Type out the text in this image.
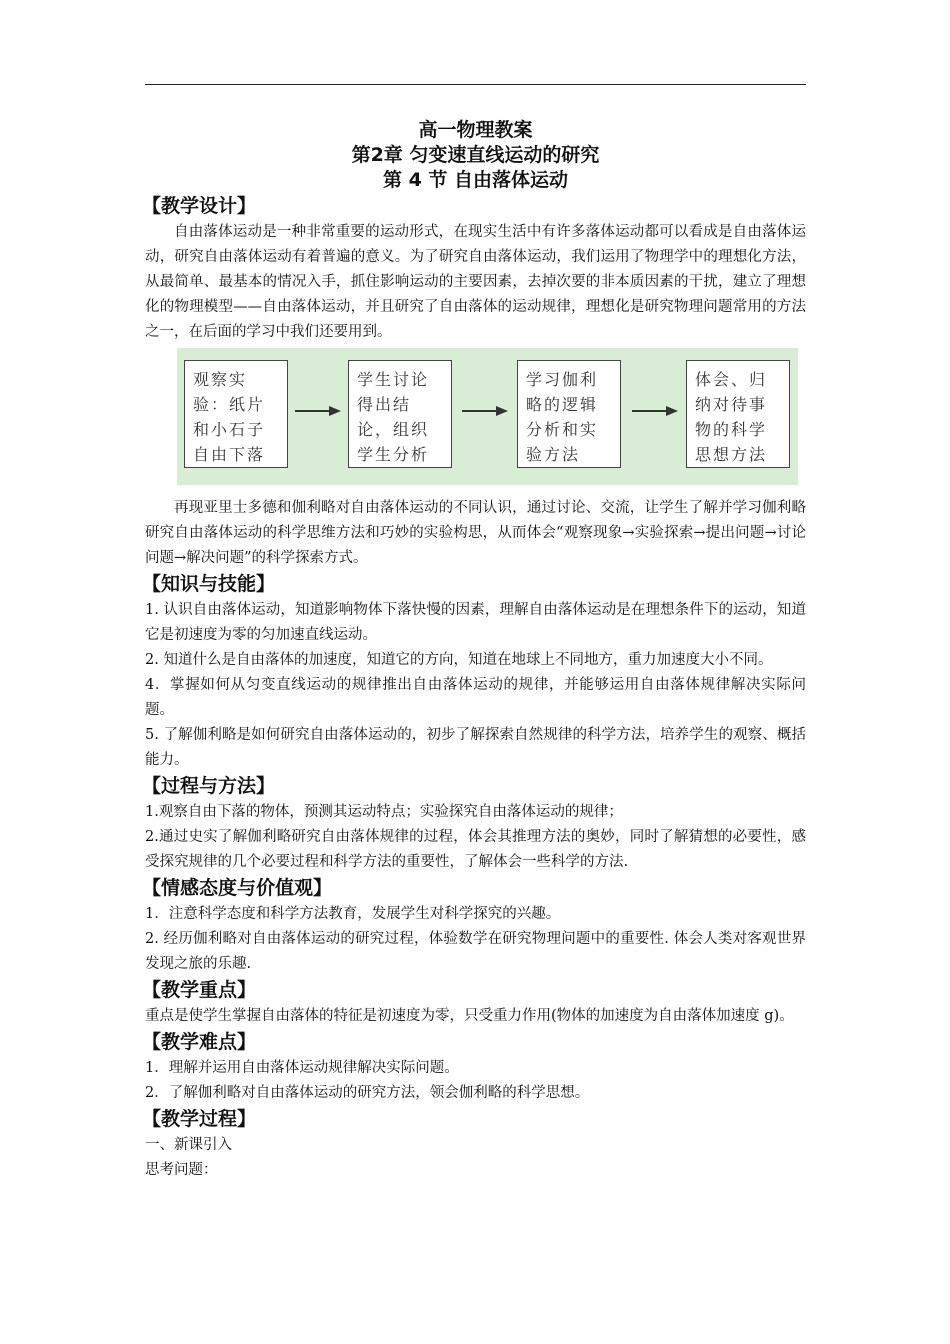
高一物理教案

第2章 匀变速直线运动的研究

第 4 节 自由落体运动

【教学设计】

自由落体运动是一种非常重要的运动形式，在现实生活中有许多落体运动都可以看成是自由落体运动，研究自由落体运动有着普遍的意义。为了研究自由落体运动，我们运用了物理学中的理想化方法，从最简单、最基本的情况入手，抓住影响运动的主要因素，去掉次要的非本质因素的干扰，建立了理想化的物理模型——自由落体运动，并且研究了自由落体的运动规律，理想化是研究物理问题常用的方法之一，在后面的学习中我们还要用到。

观察实验：纸片和小石子自由下落
学生讨论得出结论，组织学生分析
学习伽利略的逻辑分析和实验方法
体会、归纳对待事物的科学思想方法

再现亚里士多德和伽利略对自由落体运动的不同认识，通过讨论、交流，让学生了解并学习伽利略研究自由落体运动的科学思维方法和巧妙的实验构思，从而体会“观察现象→实验探索→提出问题→讨论问题→解决问题”的科学探索方式。

【知识与技能】

1. 认识自由落体运动，知道影响物体下落快慢的因素，理解自由落体运动是在理想条件下的运动，知道它是初速度为零的匀加速直线运动。

2. 知道什么是自由落体的加速度，知道它的方向，知道在地球上不同地方，重力加速度大小不同。

4．掌握如何从匀变直线运动的规律推出自由落体运动的规律，并能够运用自由落体规律解决实际问题。

5. 了解伽利略是如何研究自由落体运动的，初步了解探索自然规律的科学方法，培养学生的观察、概括能力。

【过程与方法】

1.观察自由下落的物体，预测其运动特点；实验探究自由落体运动的规律；

2.通过史实了解伽利略研究自由落体规律的过程，体会其推理方法的奥妙，同时了解猜想的必要性，感受探究规律的几个必要过程和科学方法的重要性，了解体会一些科学的方法.

【情感态度与价值观】

1．注意科学态度和科学方法教育，发展学生对科学探究的兴趣。

2. 经历伽利略对自由落体运动的研究过程，体验数学在研究物理问题中的重要性. 体会人类对客观世界发现之旅的乐趣.

【教学重点】

重点是使学生掌握自由落体的特征是初速度为零，只受重力作用(物体的加速度为自由落体加速度 g)。

【教学难点】

1．理解并运用自由落体运动规律解决实际问题。

2．了解伽利略对自由落体运动的研究方法，领会伽利略的科学思想。

【教学过程】

一、新课引入

思考问题：
